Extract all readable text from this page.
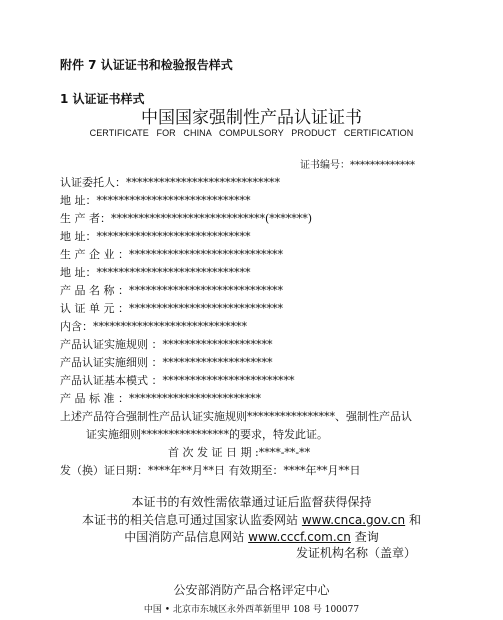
附件 7 认证证书和检验报告样式
1 认证证书样式
中国国家强制性产品认证证书
CERTIFICATE FOR CHINA COMPULSORY PRODUCT CERTIFICATION
证书编号：*************
认证委托人：****************************
地 址：****************************
生 产 者：****************************(*******)
地 址：****************************
生 产 企 业 ：****************************
地 址：****************************
产 品 名 称 ：****************************
认 证 单 元 ：****************************
内含：****************************
产品认证实施规则 ：********************
产品认证实施细则 ：********************
产品认证基本模式 ：************************
产 品 标 准 ：************************
上述产品符合强制性产品认证实施规则****************、强制性产品认
证实施细则****************的要求，特发此证。
首 次 发 证 日 期 :****-**-**
发（换）证日期：****年**月**日 有效期至：****年**月**日
本证书的有效性需依靠通过证后监督获得保持
本证书的相关信息可通过国家认监委网站 www.cnca.gov.cn 和
中国消防产品信息网站 www.cccf.com.cn 查询
发证机构名称（盖章）
公安部消防产品合格评定中心
中国 • 北京市东城区永外西革新里甲 108 号 100077
